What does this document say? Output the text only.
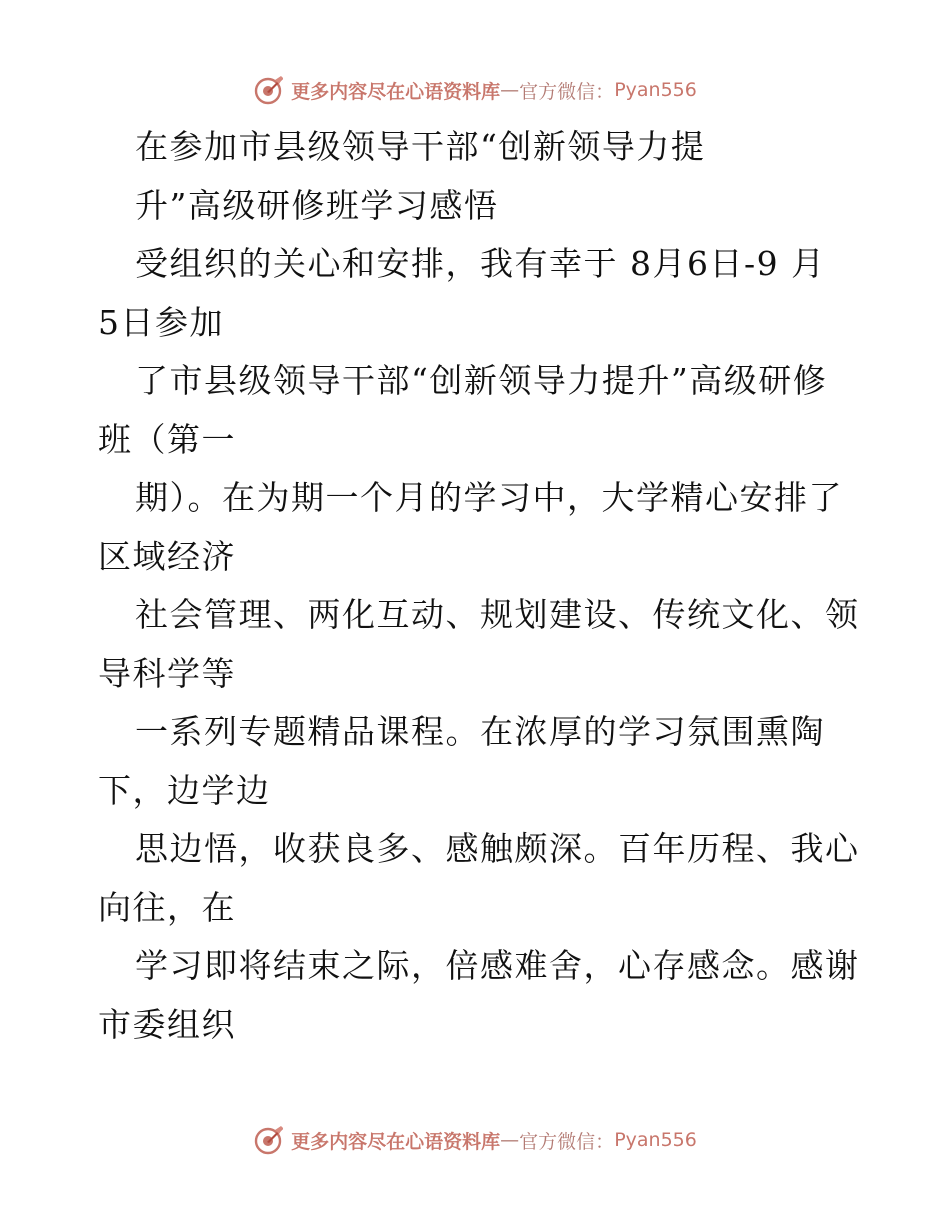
更多内容尽在心语资料库 — 官方微信： Pyan556
在参加市县级领导干部“创新领导力提
升”高级研修班学习感悟
受组织的关心和安排，我有幸于 8月6日-9 月
5日参加
了市县级领导干部“创新领导力提升”高级研修
班（第一
期）。在为期一个月的学习中，大学精心安排了
区域经济
社会管理、两化互动、规划建设、传统文化、领
导科学等
一系列专题精品课程。在浓厚的学习氛围熏陶
下，边学边
思边悟，收获良多、感触颇深。百年历程、我心
向往，在
学习即将结束之际，倍感难舍，心存感念。感谢
市委组织
更多内容尽在心语资料库 — 官方微信： Pyan556
